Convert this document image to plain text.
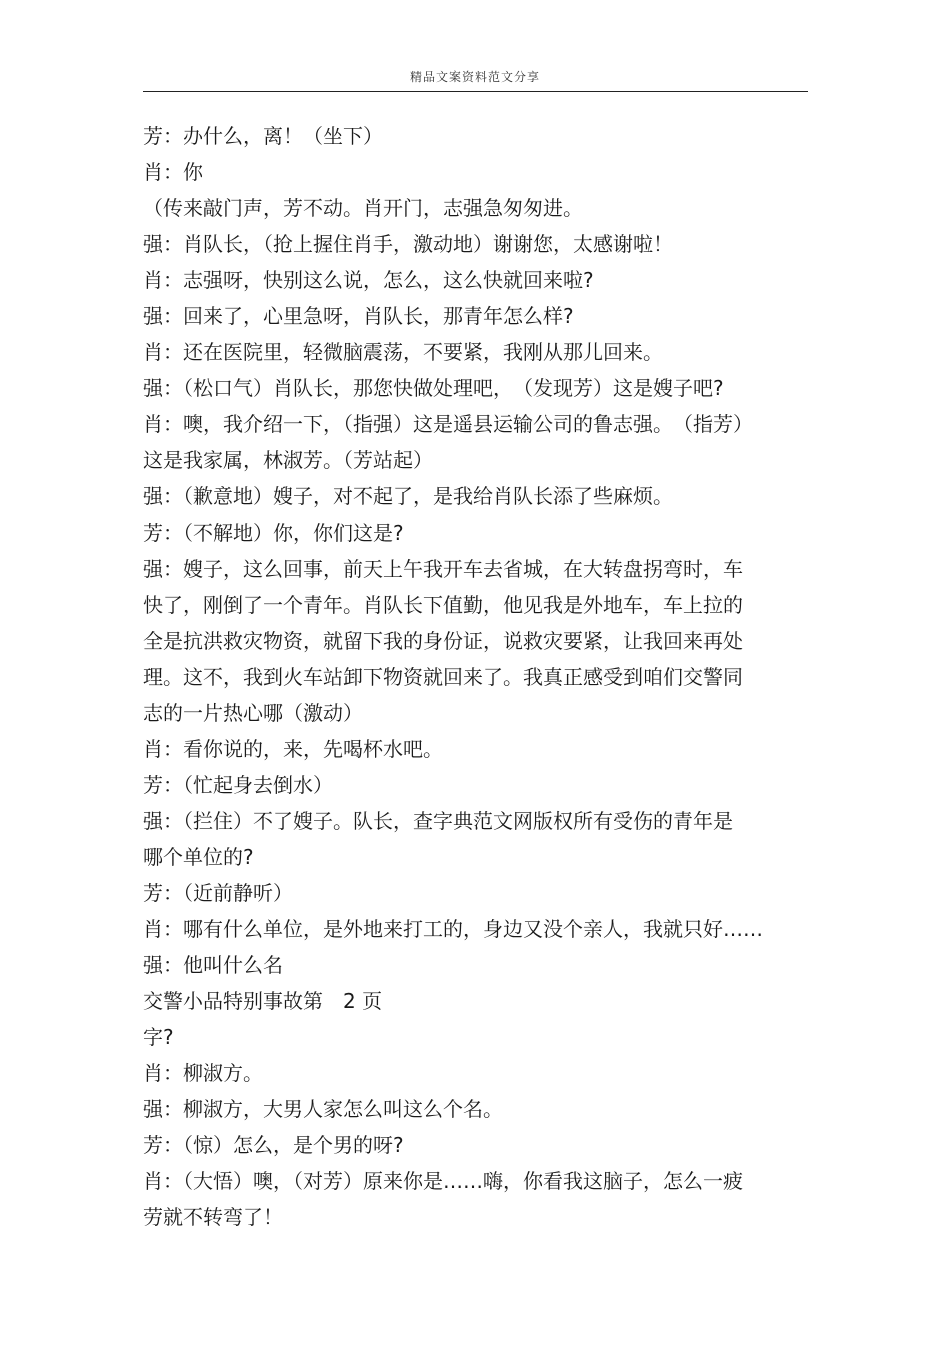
精品文案资料范文分享
芳：办什么，离！（坐下）
肖：你
（传来敲门声，芳不动。肖开门，志强急匆匆进。
强：肖队长，（抢上握住肖手，激动地）谢谢您，太感谢啦！
肖：志强呀，快别这么说，怎么，这么快就回来啦?
强：回来了，心里急呀，肖队长，那青年怎么样?
肖：还在医院里，轻微脑震荡，不要紧，我刚从那儿回来。
强：（松口气）肖队长，那您快做处理吧，　（发现芳）这是嫂子吧?
肖：噢，我介绍一下，（指强）这是遥县运输公司的鲁志强。　（指芳）
这是我家属，林淑芳。（芳站起）
强：（歉意地）嫂子，对不起了，是我给肖队长添了些麻烦。
芳：（不解地）你，你们这是?
强：嫂子，这么回事，前天上午我开车去省城，在大转盘拐弯时，车
快了，刚倒了一个青年。肖队长下值勤，他见我是外地车，车上拉的
全是抗洪救灾物资，就留下我的身份证，说救灾要紧，让我回来再处
理。这不，我到火车站卸下物资就回来了。我真正感受到咱们交警同
志的一片热心哪（激动）
肖：看你说的，来，先喝杯水吧。
芳：（忙起身去倒水）
强：（拦住）不了嫂子。队长，查字典范文网版权所有受伤的青年是
哪个单位的?
芳：（近前静听）
肖：哪有什么单位，是外地来打工的，身边又没个亲人，我就只好……
强：他叫什么名
交警小品特别事故第　2 页
字?
肖：柳淑方。
强：柳淑方，大男人家怎么叫这么个名。
芳：（惊）怎么，是个男的呀?
肖：（大悟）噢，（对芳）原来你是……嗨，你看我这脑子，怎么一疲
劳就不转弯了！
